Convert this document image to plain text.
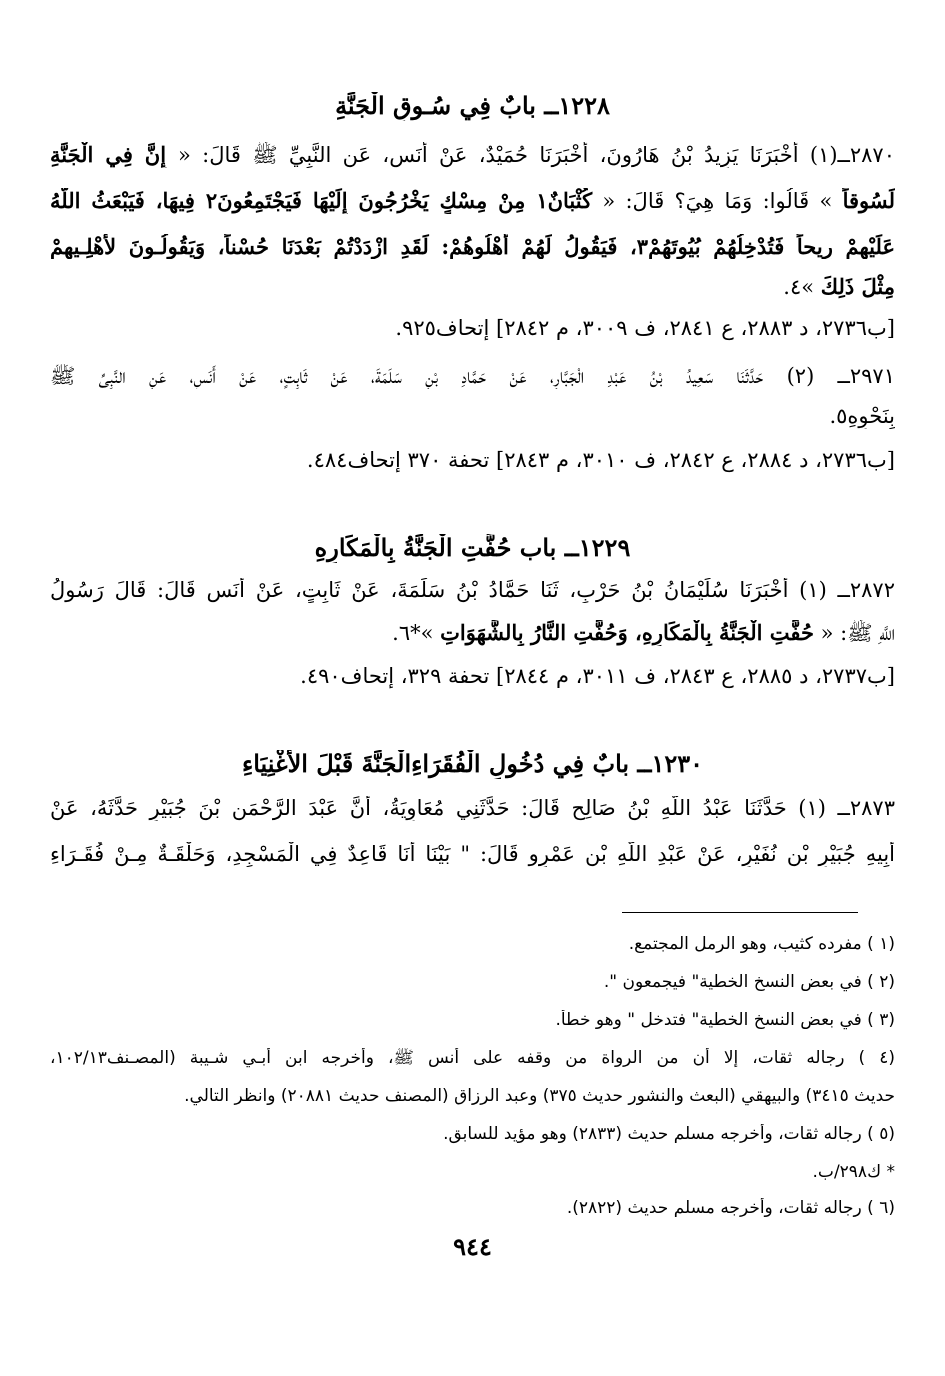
١٢٢٨ــ بابٌ فِي سُـوقِ الْجَنَّةِ
٢٨٧٠ــ(١) أَخْبَرَنَا يَزِيدُ بْنُ هَارُونَ، أَخْبَرَنَا حُمَيْدٌ، عَنْ أَنَسٍ، عَنِ النَّبِيِّ ﷺ قَالَ: « إِنَّ فِي الْجَنَّةِ
لَسُوقاً » قَالُوا: وَمَا هِيَ؟ قَالَ: « كُثْبَانٌ١ مِنْ مِسْكٍ يَخْرُجُونَ إِلَيْهَا فَيَجْتَمِعُونَ٢ فِيهَا، فَيَبْعَثُ اللَّهُ
عَلَيْهِمْ رِيحاً فَتُدْخِلُهُمْ بُيُوتَهُمْ٣، فَيَقُولُ لَهُمْ أَهْلُوهُمْ: لَقَدِ ازْدَدْتُمْ بَعْدَنَا حُسْناً، وَيَقُولُـونَ لأَهْلِـيهِمْ
مِثْلَ ذَلِكَ »٤.
[ب٢٧٣٦، د ٢٨٨٣، ع ٢٨٤١، ف ٣٠٠٩، م ٢٨٤٢] إتحاف٩٢٥.
٢٩٧١ــ (٢) حَدَّثَنَا سَعِيدُ بْنُ عَبْدِ الْجَبَّارِ، عَنْ حَمَّادِ بْنِ سَلَمَةَ، عَنْ ثَابِتٍ، عَنْ أَنَسٍ، عَنِ النَّبِيِّ ﷺ
بِنَحْوِهِ٥.
[ب٢٧٣٦، د ٢٨٨٤، ع ٢٨٤٢، ف ٣٠١٠، م ٢٨٤٣] تحفة ٣٧٠ إتحاف٤٨٤.
١٢٢٩ــ باب حُفَّتِ الْجَنَّةُ بِالْمَكَارِهِ
٢٨٧٢ــ (١) أَخْبَرَنَا سُلَيْمَانُ بْنُ حَرْبٍ، ثَنَا حَمَّادُ بْنُ سَلَمَةَ، عَنْ ثَابِتٍ، عَنْ أَنَسٍ قَالَ: قَالَ رَسُولُ
اللَّهِ ﷺ: « حُفَّتِ الْجَنَّةُ بِالْمَكَارِهِ، وَحُفَّتِ النَّارُ بِالشَّهَوَاتِ »*٦.
[ب٢٧٣٧، د ٢٨٨٥، ع ٢٨٤٣، ف ٣٠١١، م ٢٨٤٤] تحفة ٣٢٩، إتحاف٤٩٠.
١٢٣٠ــ بابٌ فِي دُخُولِ الْفُقَرَاءِالْجَنَّةَ قَبْلَ الأَغْنِيَاءِ
٢٨٧٣ــ (١) حَدَّثَنَا عَبْدُ اللَّهِ بْنُ صَالِحٍ قَالَ: حَدَّثَنِي مُعَاوِيَةُ، أَنَّ عَبْدَ الرَّحْمَنِ بْنَ جُبَيْرٍ حَدَّثَهُ، عَنْ
أَبِيهِ جُبَيْرِ بْنِ نُفَيْرٍ، عَنْ عَبْدِ اللَّهِ بْنِ عَمْرٍو قَالَ: " بَيْنَا أَنَا قَاعِدٌ فِي الْمَسْجِدِ، وَحَلْقَـةٌ مِـنْ فُقَـرَاءِ
(١ ) مفرده كثيب، وهو الرمل المجتمع.
(٢ ) في بعض النسخ الخطية" فيجمعون ".
(٣ ) في بعض النسخ الخطية" فتدخل " وهو خطأ.
(٤ ) رجاله ثقات، إلا أن من الرواة من وقفه على أنس ﷺ، وأخرجه ابن أبـي شـيبة (المصـنف١٠٢/١٣،
حديث ٣٤١٥) والبيهقي (البعث والنشور حديث ٣٧٥) وعبد الرزاق (المصنف حديث ٢٠٨٨١) وانظر التالي.
(٥ ) رجاله ثقات، وأخرجه مسلم حديث (٢٨٣٣) وهو مؤيد للسابق.
* ك٢٩٨/ب.
(٦ ) رجاله ثقات، وأخرجه مسلم حديث (٢٨٢٢).
٩٤٤
